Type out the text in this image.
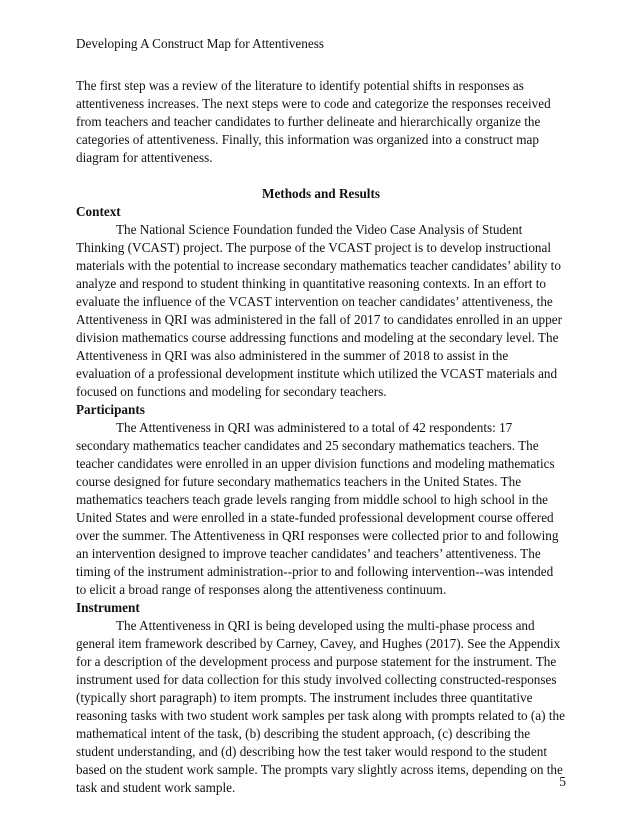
Developing A Construct Map for Attentiveness

The first step was a review of the literature to identify potential shifts in responses as attentiveness increases. The next steps were to code and categorize the responses received from teachers and teacher candidates to further delineate and hierarchically organize the categories of attentiveness. Finally, this information was organized into a construct map diagram for attentiveness.

Methods and Results

Context

The National Science Foundation funded the Video Case Analysis of Student Thinking (VCAST) project. The purpose of the VCAST project is to develop instructional materials with the potential to increase secondary mathematics teacher candidates’ ability to analyze and respond to student thinking in quantitative reasoning contexts. In an effort to evaluate the influence of the VCAST intervention on teacher candidates’ attentiveness, the Attentiveness in QRI was administered in the fall of 2017 to candidates enrolled in an upper division mathematics course addressing functions and modeling at the secondary level. The Attentiveness in QRI was also administered in the summer of 2018 to assist in the evaluation of a professional development institute which utilized the VCAST materials and focused on functions and modeling for secondary teachers.

Participants

The Attentiveness in QRI was administered to a total of 42 respondents: 17 secondary mathematics teacher candidates and 25 secondary mathematics teachers. The teacher candidates were enrolled in an upper division functions and modeling mathematics course designed for future secondary mathematics teachers in the United States. The mathematics teachers teach grade levels ranging from middle school to high school in the United States and were enrolled in a state-funded professional development course offered over the summer. The Attentiveness in QRI responses were collected prior to and following an intervention designed to improve teacher candidates’ and teachers’ attentiveness. The timing of the instrument administration--prior to and following intervention--was intended to elicit a broad range of responses along the attentiveness continuum.

Instrument

The Attentiveness in QRI is being developed using the multi-phase process and general item framework described by Carney, Cavey, and Hughes (2017). See the Appendix for a description of the development process and purpose statement for the instrument. The instrument used for data collection for this study involved collecting constructed-responses (typically short paragraph) to item prompts. The instrument includes three quantitative reasoning tasks with two student work samples per task along with prompts related to (a) the mathematical intent of the task, (b) describing the student approach, (c) describing the student understanding, and (d) describing how the test taker would respond to the student based on the student work sample. The prompts vary slightly across items, depending on the task and student work sample.	5
